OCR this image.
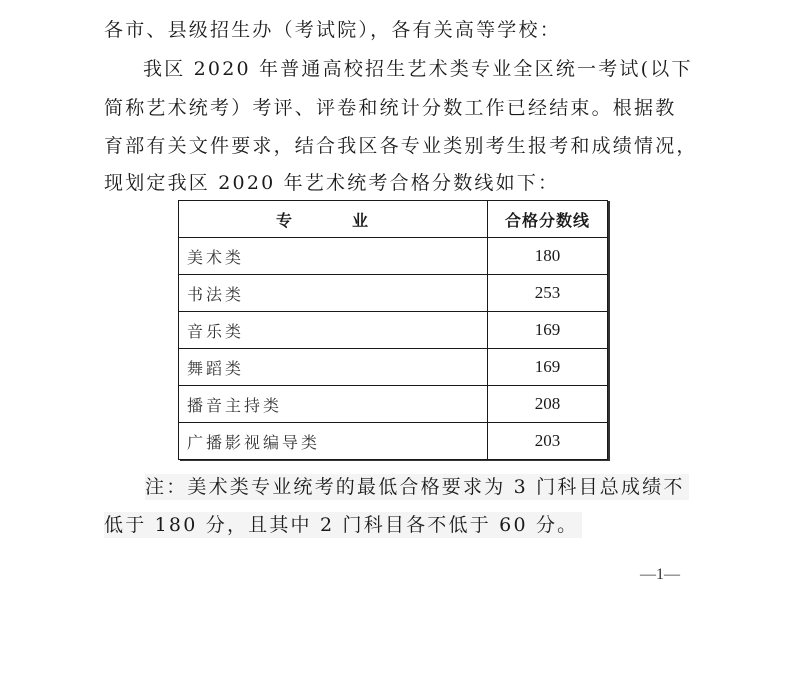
各市、县级招生办（考试院），各有关高等学校：
我区 2020 年普通高校招生艺术类专业全区统一考试(以下
简称艺术统考）考评、评卷和统计分数工作已经结束。根据教
育部有关文件要求，结合我区各专业类别考生报考和成绩情况，
现划定我区 2020 年艺术统考合格分数线如下：
专　业	合格分数线
美术类	180
书法类	253
音乐类	169
舞蹈类	169
播音主持类	208
广播影视编导类	203
注：美术类专业统考的最低合格要求为 3 门科目总成绩不
低于 180 分，且其中 2 门科目各不低于 60 分。
—1—
